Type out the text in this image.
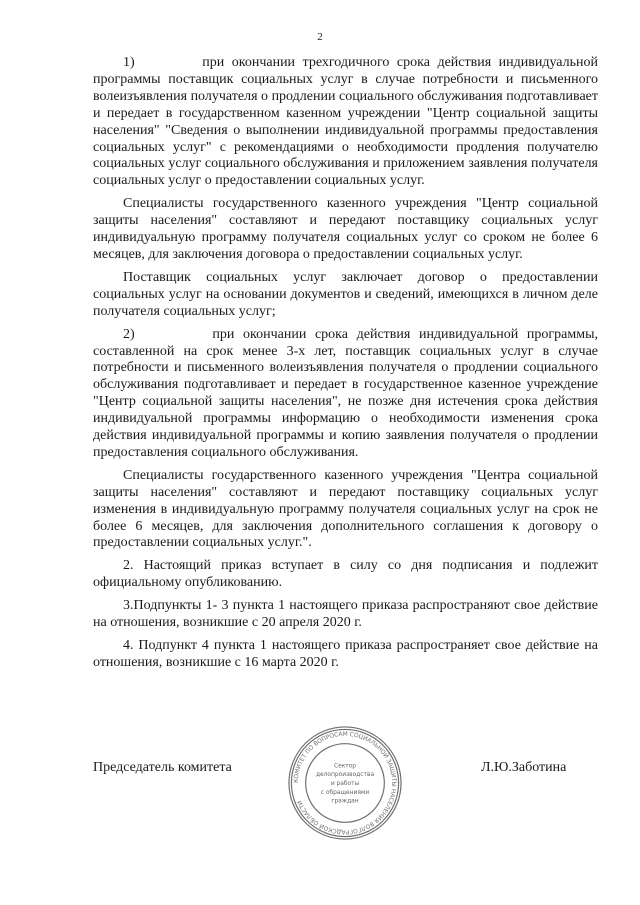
2

1)         при окончании трехгодичного срока действия индивидуальной программы поставщик социальных услуг в случае потребности и письменного волеизъявления получателя о продлении социального обслуживания подготавливает и передает в государственном казенном учреждении "Центр социальной защиты населения" "Сведения о выполнении индивидуальной программы предоставления социальных услуг" с рекомендациями о необходимости продления получателю социальных услуг социального обслуживания и приложением заявления получателя социальных услуг о предоставлении социальных услуг.

Специалисты государственного казенного учреждения "Центр социальной защиты населения" составляют и передают поставщику социальных услуг индивидуальную программу получателя социальных услуг со сроком не более 6 месяцев, для заключения договора о предоставлении социальных услуг.

Поставщик социальных услуг заключает договор о предоставлении социальных услуг на основании документов и сведений, имеющихся в личном деле получателя социальных услуг;

2)         при окончании срока действия индивидуальной программы, составленной на срок менее 3-х лет, поставщик социальных услуг в случае потребности и письменного волеизъявления получателя о продлении социального обслуживания подготавливает и передает в государственное казенное учреждение "Центр социальной защиты населения", не позже дня истечения срока действия индивидуальной программы информацию о необходимости изменения срока действия индивидуальной программы и копию заявления получателя о продлении предоставления социального обслуживания.

Специалисты государственного казенного учреждения "Центра социальной защиты населения" составляют и передают поставщику социальных услуг изменения в индивидуальную программу получателя социальных услуг на срок не более 6 месяцев, для заключения дополнительного соглашения к договору о предоставлении социальных услуг.".

2. Настоящий приказ вступает в силу со дня подписания и подлежит официальному опубликованию.

3.Подпункты 1- 3 пункта 1 настоящего приказа распространяют свое действие на отношения, возникшие с 20 апреля 2020 г.

4. Подпункт 4 пункта 1 настоящего приказа распространяет свое действие на отношения, возникшие с 16 марта 2020 г.

Председатель комитета	Л.Ю.Заботина
КОМИТЕТ ПО ВОПРОСАМ СОЦИАЛЬНОЙ ЗАЩИТЫ НАСЕЛЕНИЯ ВОЛГОГРАДСКОЙ ОБЛАСТИ
Сектор
делопроизводства
и работы
с обращениями
граждан
